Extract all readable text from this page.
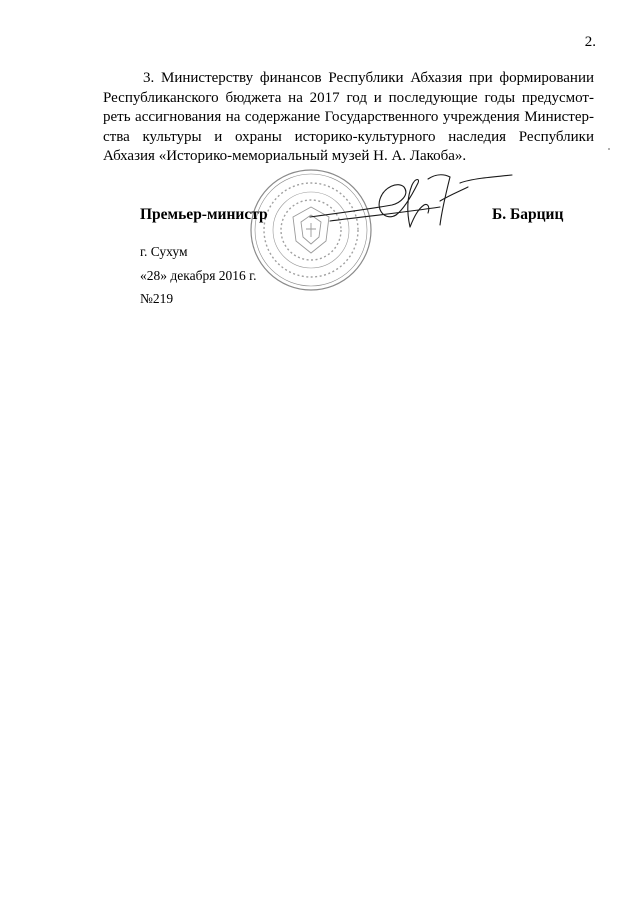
2.
3. Министерству финансов Республики Абхазия при формировании
Республиканского бюджета на 2017 год и последующие годы предусмот-
реть ассигнования на содержание Государственного учреждения Министер-
ства культуры и охраны историко-культурного наследия Республики
Абхазия «Историко-мемориальный музей Н. А. Лакоба».
Премьер-министр	Б. Барциц
г. Сухум
«28» декабря 2016 г.
№219
